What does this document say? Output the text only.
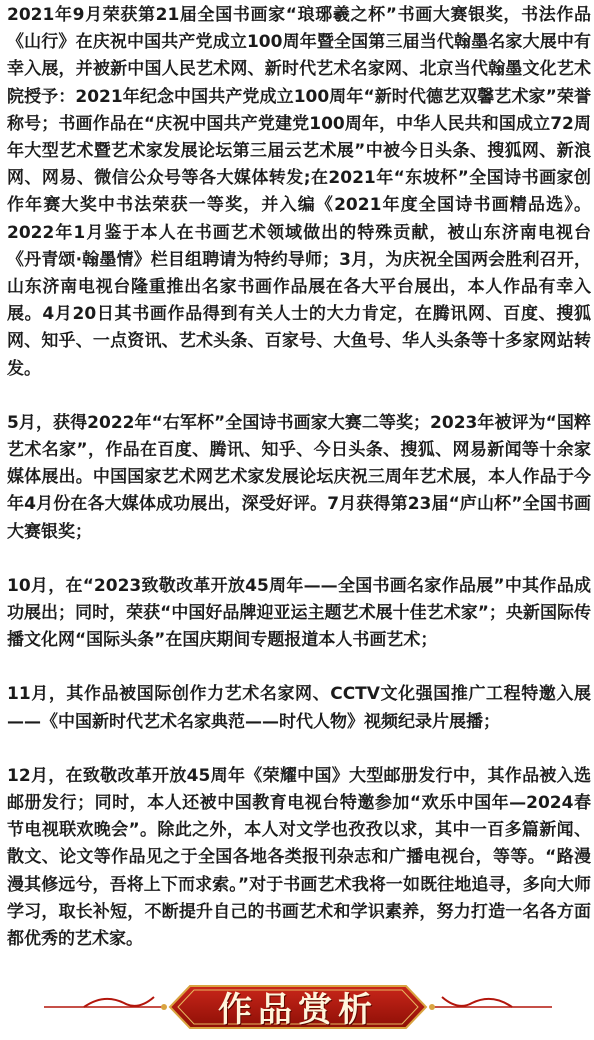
2021年9月荣获第21届全国书画家“琅琊羲之杯”书画大赛银奖，书法作品《山行》在庆祝中国共产党成立100周年暨全国第三届当代翰墨名家大展中有幸入展，并被新中国人民艺术网、新时代艺术名家网、北京当代翰墨文化艺术院授予：2021年纪念中国共产党成立100周年“新时代德艺双馨艺术家”荣誉称号；书画作品在“庆祝中国共产党建党100周年，中华人民共和国成立72周年大型艺术暨艺术家发展论坛第三届云艺术展”中被今日头条、搜狐网、新浪网、网易、微信公众号等各大媒体转发;在2021年“东坡杯”全国诗书画家创作年赛大奖中书法荣获一等奖，并入编《2021年度全国诗书画精品选》。2022年1月鉴于本人在书画艺术领域做出的特殊贡献，被山东济南电视台《丹青颂·翰墨情》栏目组聘请为特约导师；3月，为庆祝全国两会胜利召开，山东济南电视台隆重推出名家书画作品展在各大平台展出，本人作品有幸入展。4月20日其书画作品得到有关人士的大力肯定，在腾讯网、百度、搜狐网、知乎、一点资讯、艺术头条、百家号、大鱼号、华人头条等十多家网站转发。

5月，获得2022年“右军杯”全国诗书画家大赛二等奖；2023年被评为“国粹艺术名家”，作品在百度、腾讯、知乎、今日头条、搜狐、网易新闻等十余家媒体展出。中国国家艺术网艺术家发展论坛庆祝三周年艺术展，本人作品于今年4月份在各大媒体成功展出，深受好评。7月获得第23届“庐山杯”全国书画大赛银奖；

10月，在“2023致敬改革开放45周年——全国书画名家作品展”中其作品成功展出；同时，荣获“中国好品牌迎亚运主题艺术展十佳艺术家”；央新国际传播文化网“国际头条”在国庆期间专题报道本人书画艺术；

11月，其作品被国际创作力艺术名家网、CCTV文化强国推广工程特邀入展——《中国新时代艺术名家典范——时代人物》视频纪录片展播；

12月，在致敬改革开放45周年《荣耀中国》大型邮册发行中，其作品被入选邮册发行；同时，本人还被中国教育电视台特邀参加“欢乐中国年—2024春节电视联欢晚会”。除此之外，本人对文学也孜孜以求，其中一百多篇新闻、散文、论文等作品见之于全国各地各类报刊杂志和广播电视台，等等。“路漫漫其修远兮，吾将上下而求索。”对于书画艺术我将一如既往地追寻，多向大师学习，取长补短，不断提升自己的书画艺术和学识素养，努力打造一名各方面都优秀的艺术家。

作品赏析
